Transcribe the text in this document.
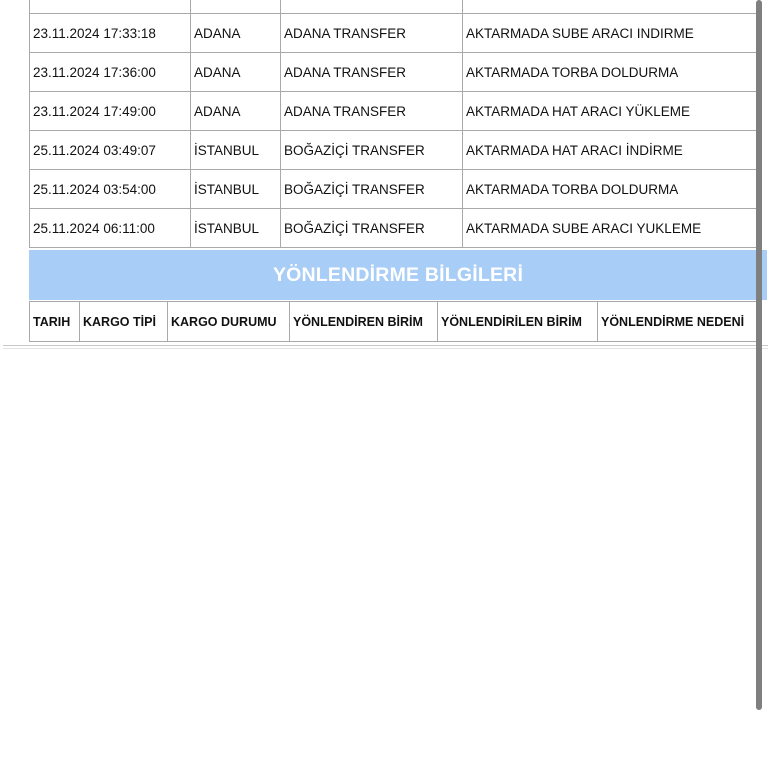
23.11.2024 17:33:18	ADANA	ADANA TRANSFER	AKTARMADA SUBE ARACI INDIRME
23.11.2024 17:36:00	ADANA	ADANA TRANSFER	AKTARMADA TORBA DOLDURMA
23.11.2024 17:49:00	ADANA	ADANA TRANSFER	AKTARMADA HAT ARACI YÜKLEME
25.11.2024 03:49:07	İSTANBUL	BOĞAZİÇİ TRANSFER	AKTARMADA HAT ARACI İNDİRME
25.11.2024 03:54:00	İSTANBUL	BOĞAZİÇİ TRANSFER	AKTARMADA TORBA DOLDURMA
25.11.2024 06:11:00	İSTANBUL	BOĞAZİÇİ TRANSFER	AKTARMADA SUBE ARACI YUKLEME
YÖNLENDİRME BİLGİLERİ
TARIH	KARGO TİPİ	KARGO DURUMU	YÖNLENDİREN BİRİM	YÖNLENDİRİLEN BİRİM	YÖNLENDİRME NEDENİ
